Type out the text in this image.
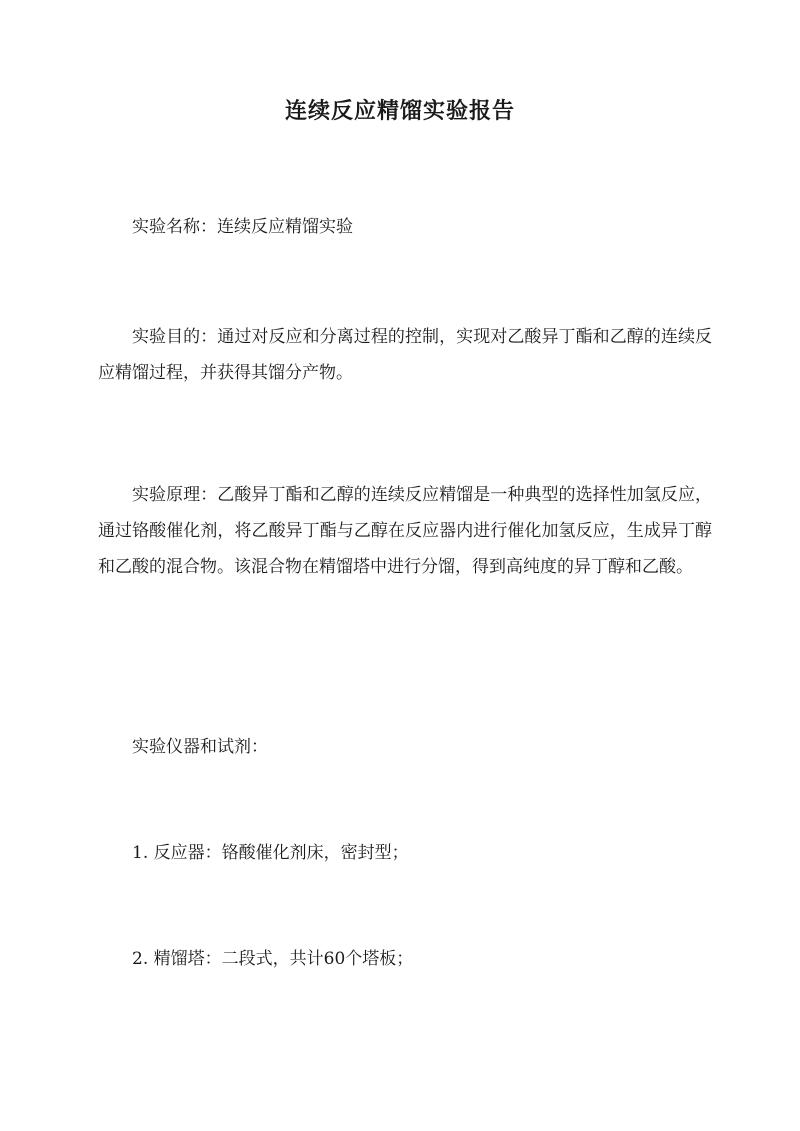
连续反应精馏实验报告

实验名称：连续反应精馏实验

实验目的：通过对反应和分离过程的控制，实现对乙酸异丁酯和乙醇的连续反应精馏过程，并获得其馏分产物。

实验原理：乙酸异丁酯和乙醇的连续反应精馏是一种典型的选择性加氢反应，通过铬酸催化剂，将乙酸异丁酯与乙醇在反应器内进行催化加氢反应，生成异丁醇和乙酸的混合物。该混合物在精馏塔中进行分馏，得到高纯度的异丁醇和乙酸。

实验仪器和试剂：

1. 反应器：铬酸催化剂床，密封型；

2. 精馏塔：二段式，共计60个塔板；
